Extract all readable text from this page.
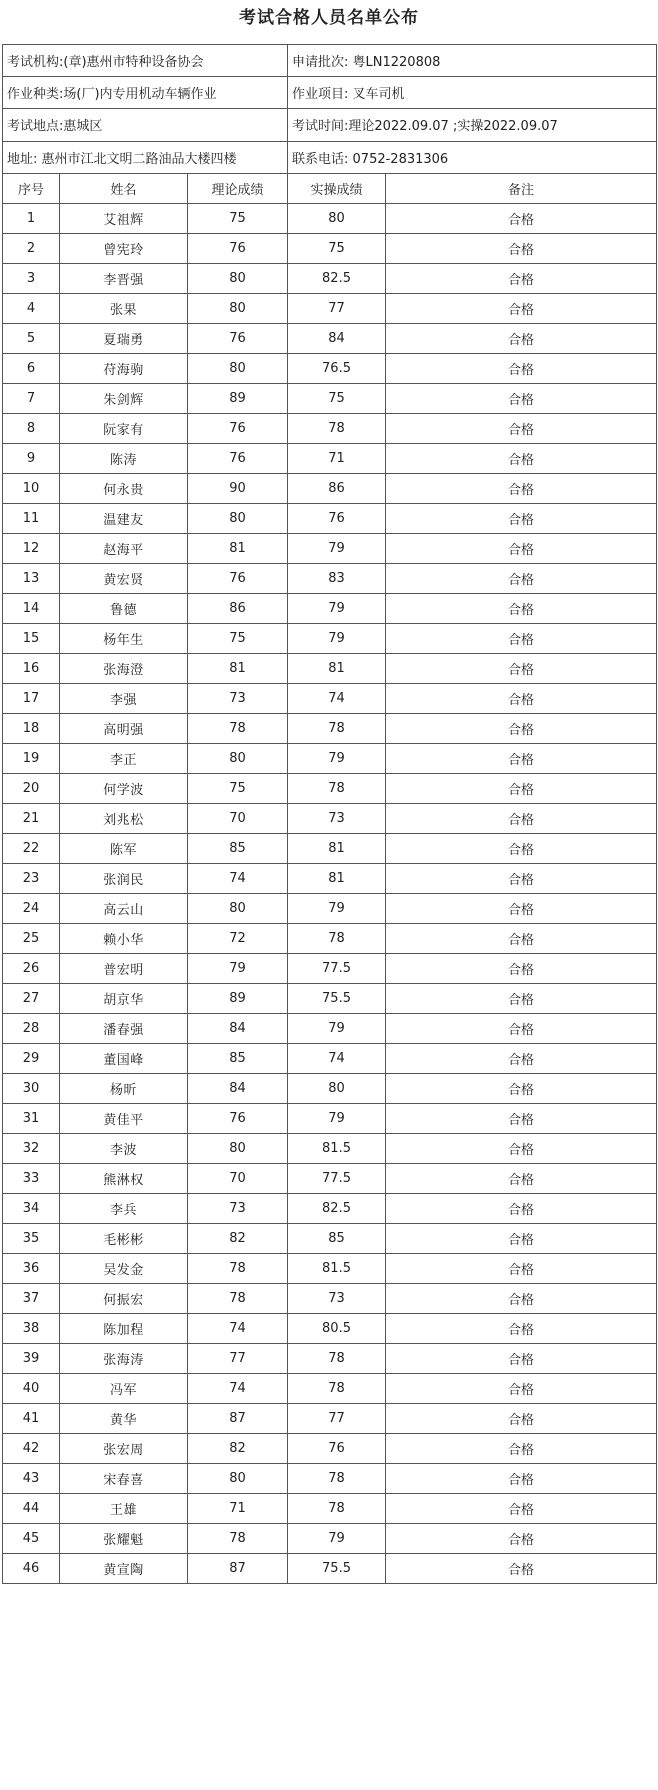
考试合格人员名单公布
考试机构:(章)惠州市特种设备协会			申请批次: 粤LN1220808	
作业种类:场(厂)内专用机动车辆作业			作业项目: 叉车司机	
考试地点:惠城区			考试时间:理论2022.09.07 ;实操2022.09.07	
地址: 惠州市江北文明二路油品大楼四楼			联系电话: 0752-2831306	
序号	姓名	理论成绩	实操成绩	备注
1	艾祖辉	75	80	合格
2	曾宪玲	76	75	合格
3	李晋强	80	82.5	合格
4	张果	80	77	合格
5	夏瑞勇	76	84	合格
6	苻海驹	80	76.5	合格
7	朱剑辉	89	75	合格
8	阮家有	76	78	合格
9	陈涛	76	71	合格
10	何永贵	90	86	合格
11	温建友	80	76	合格
12	赵海平	81	79	合格
13	黄宏贤	76	83	合格
14	鲁德	86	79	合格
15	杨年生	75	79	合格
16	张海澄	81	81	合格
17	李强	73	74	合格
18	高明强	78	78	合格
19	李正	80	79	合格
20	何学波	75	78	合格
21	刘兆松	70	73	合格
22	陈军	85	81	合格
23	张润民	74	81	合格
24	高云山	80	79	合格
25	赖小华	72	78	合格
26	普宏明	79	77.5	合格
27	胡京华	89	75.5	合格
28	潘春强	84	79	合格
29	董国峰	85	74	合格
30	杨昕	84	80	合格
31	黄佳平	76	79	合格
32	李波	80	81.5	合格
33	熊淋权	70	77.5	合格
34	李兵	73	82.5	合格
35	毛彬彬	82	85	合格
36	吴发金	78	81.5	合格
37	何振宏	78	73	合格
38	陈加程	74	80.5	合格
39	张海涛	77	78	合格
40	冯军	74	78	合格
41	黄华	87	77	合格
42	张宏周	82	76	合格
43	宋春喜	80	78	合格
44	王雄	71	78	合格
45	张耀魁	78	79	合格
46	黄宣陶	87	75.5	合格
